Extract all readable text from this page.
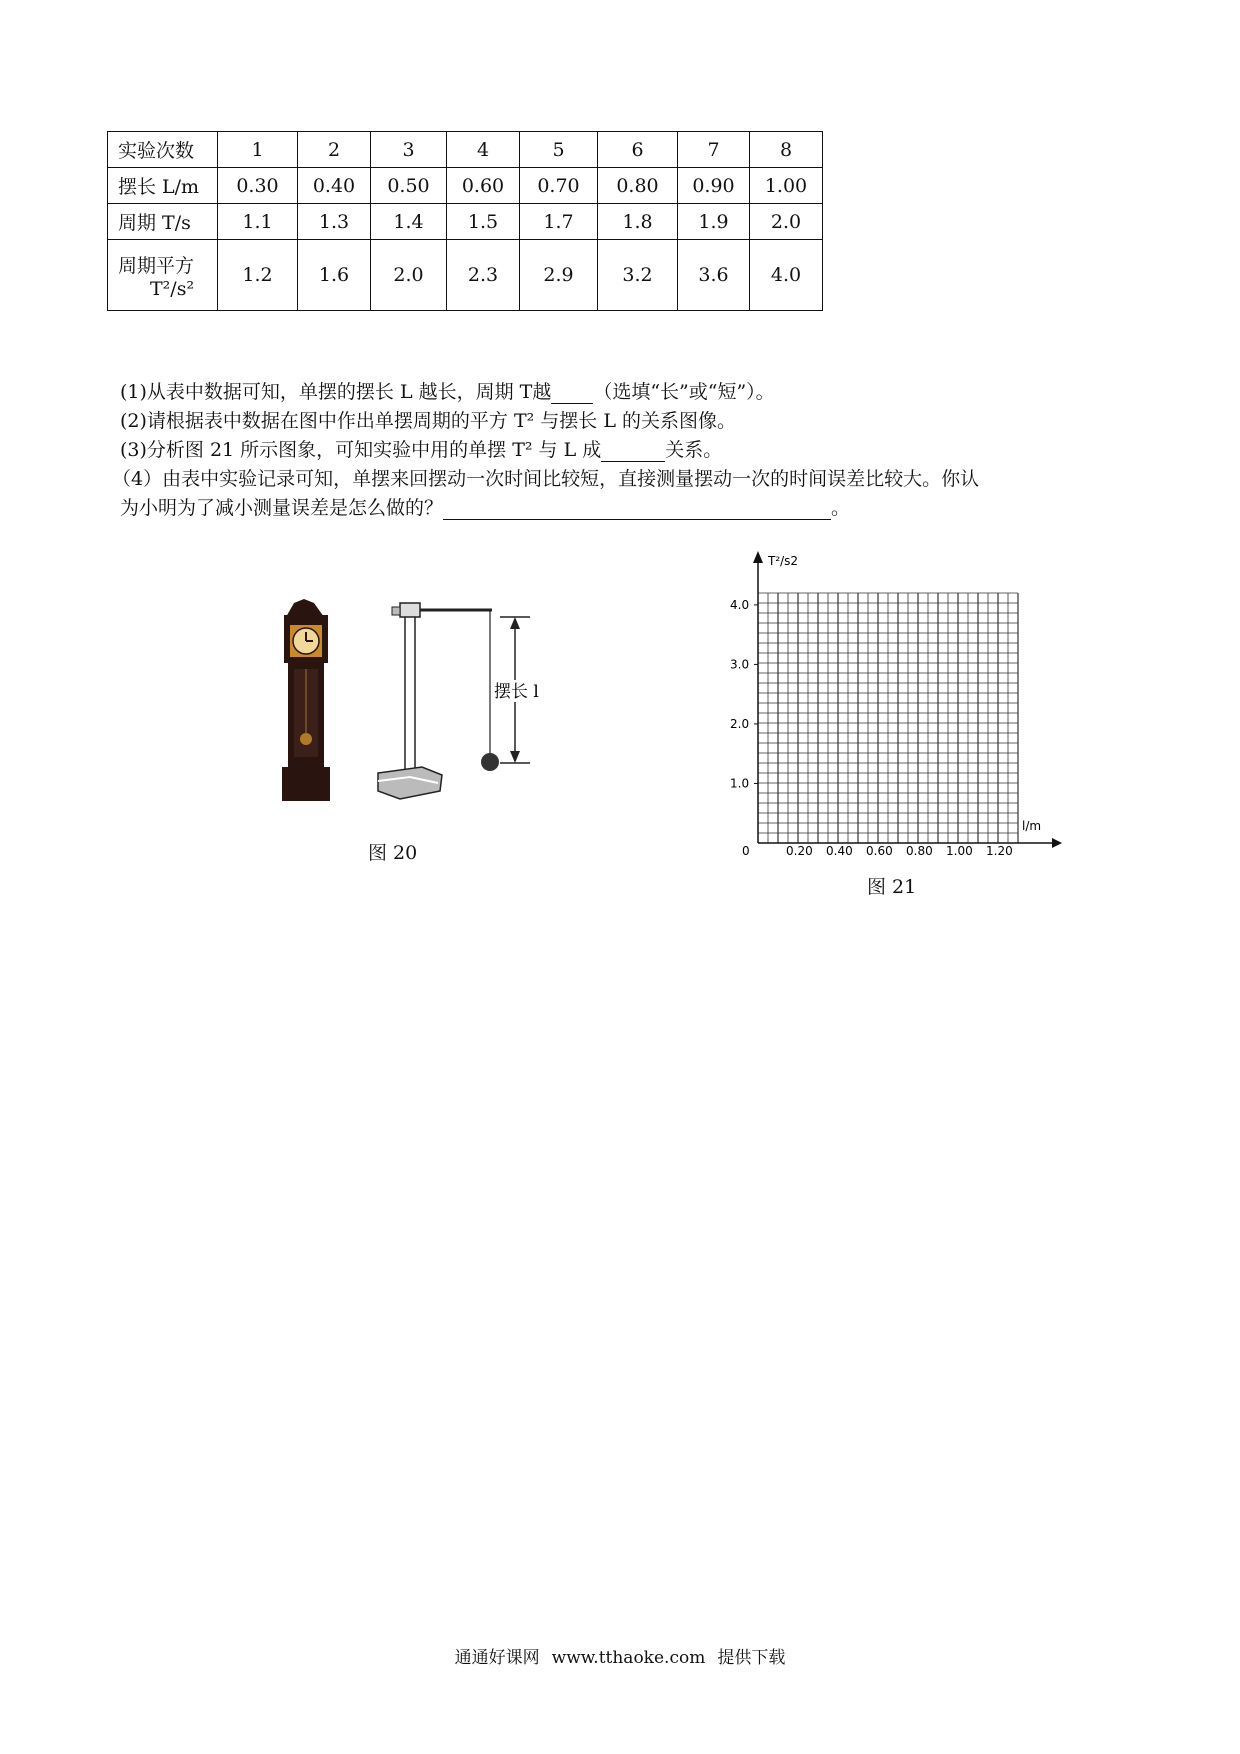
实验次数	1	2	3	4	5	6	7	8
摆长 L/m	0.30	0.40	0.50	0.60	0.70	0.80	0.90	1.00
周期 T/s	1.1	1.3	1.4	1.5	1.7	1.8	1.9	2.0

周期平方
T²/s²	1.2	1.6	2.0	2.3	2.9	3.2	3.6	4.0
(1)从表中数据可知，单摆的摆长 L 越长，周期 T越 （选填“长”或“短”）。
(2)请根据表中数据在图中作出单摆周期的平方 T² 与摆长 L 的关系图像。
(3)分析图 21 所示图象，可知实验中用的单摆 T² 与 L 成	关系。
（4）由表中实验记录可知，单摆来回摆动一次时间比较短，直接测量摆动一次的时间误差比较大。你认
为小明为了减小测量误差是怎么做的？	。
摆长 l
图 20
T²/s2
l/m
0
1.0
2.0
3.0
4.0
0.20 0.40 0.60 0.80 1.00 1.20
图 21
通通好课网 www.tthaoke.com 提供下载
